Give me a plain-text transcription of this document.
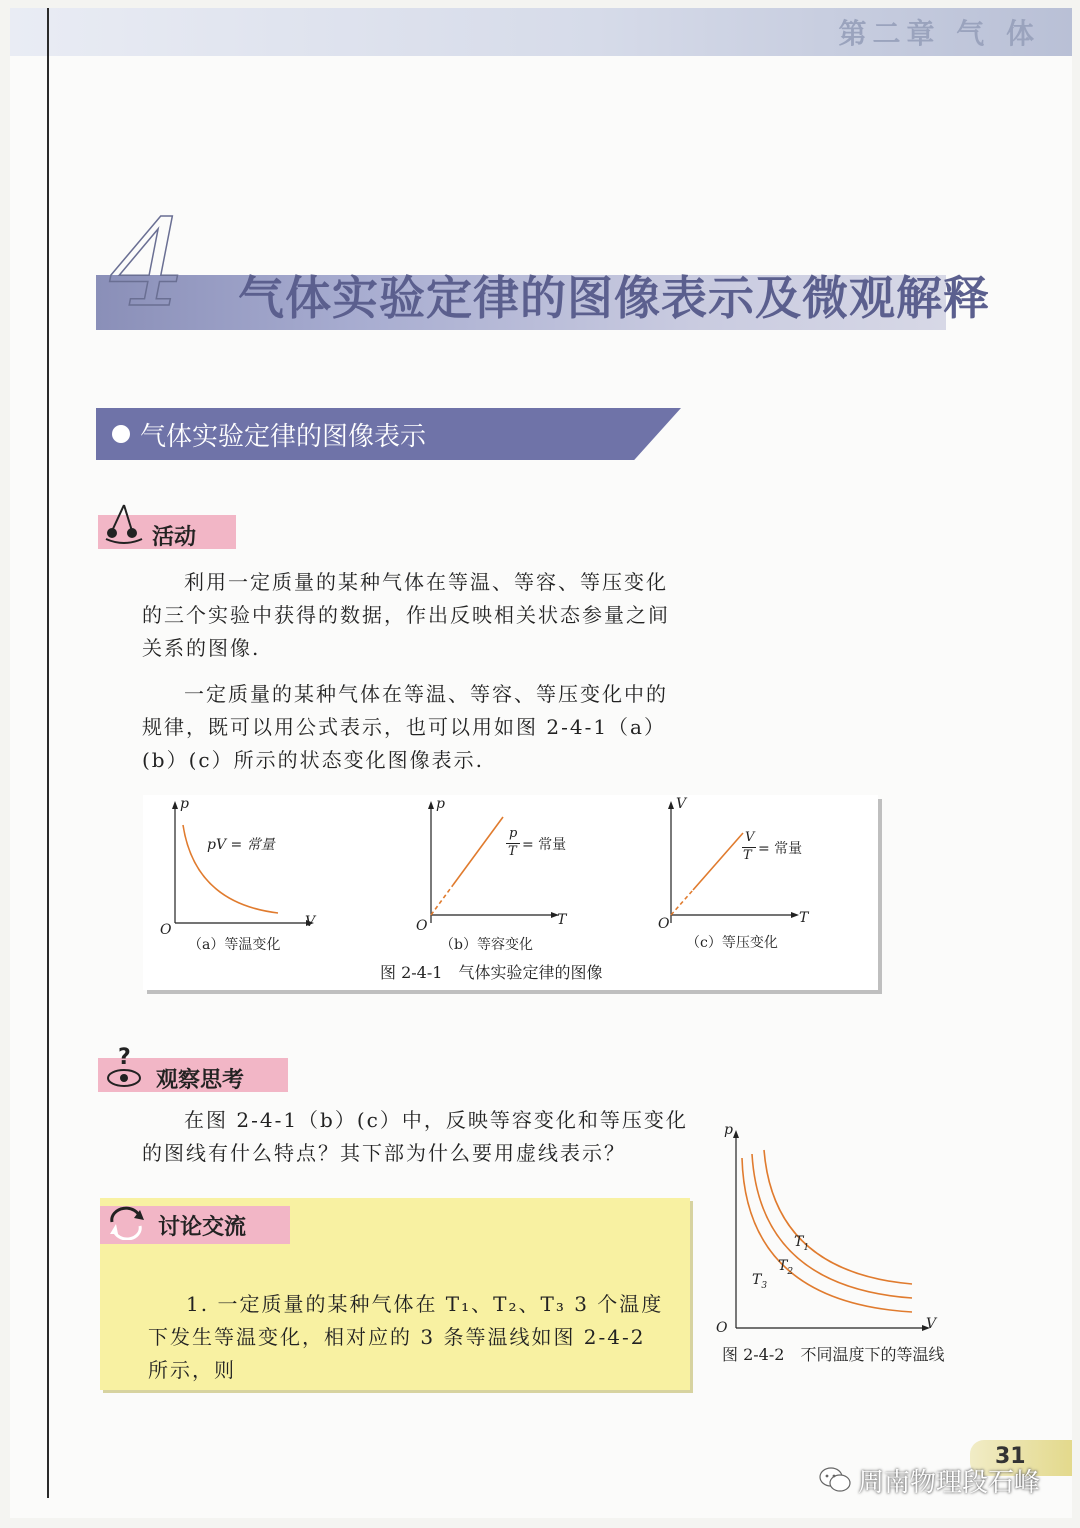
第二章 气 体
4 气体实验定律的图像表示及微观解释
气体实验定律的图像表示
活动
利用一定质量的某种气体在等温、等容、等压变化的三个实验中获得的数据，作出反映相关状态参量之间关系的图像.
一定质量的某种气体在等温、等容、等压变化中的规律，既可以用公式表示，也可以用如图 2-4-1（a）(b）(c）所示的状态变化图像表示.
p
V
O
pV = 常量
（a）等温变化
p
T
O
p
T = 常量
（b）等容变化
V
T
O
V
T = 常量
（c）等压变化
图 2-4-1　气体实验定律的图像
?
观察思考
在图 2-4-1（b）(c）中，反映等容变化和等压变化的图线有什么特点？其下部为什么要用虚线表示？
讨论交流
1. 一定质量的某种气体在 T₁、T₂、T₃ 3 个温度下发生等温变化，相对应的 3 条等温线如图 2-4-2 所示，则
p
V
O
$T_1$
$T_2$
$T_3$
图 2-4-2　不同温度下的等温线
31
周南物理段石峰
